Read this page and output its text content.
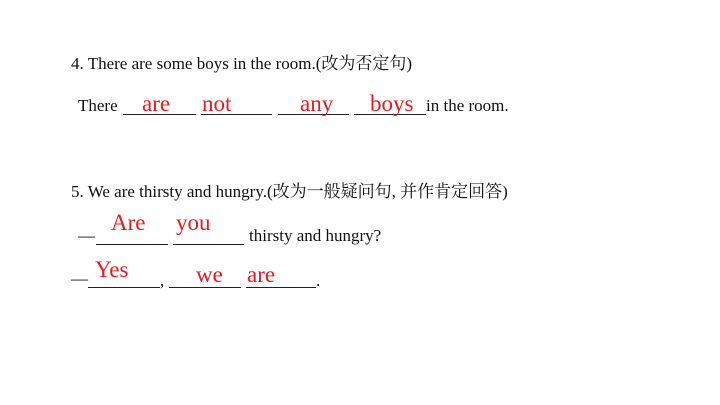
4. There are some boys in the room.(改为否定句)
There are not	any boys in the room.
5. We are thirsty and hungry.(改为一般疑问句, 并作肯定回答)
—
Are you
thirsty and hungry?
—	,	.
Yes	we are
